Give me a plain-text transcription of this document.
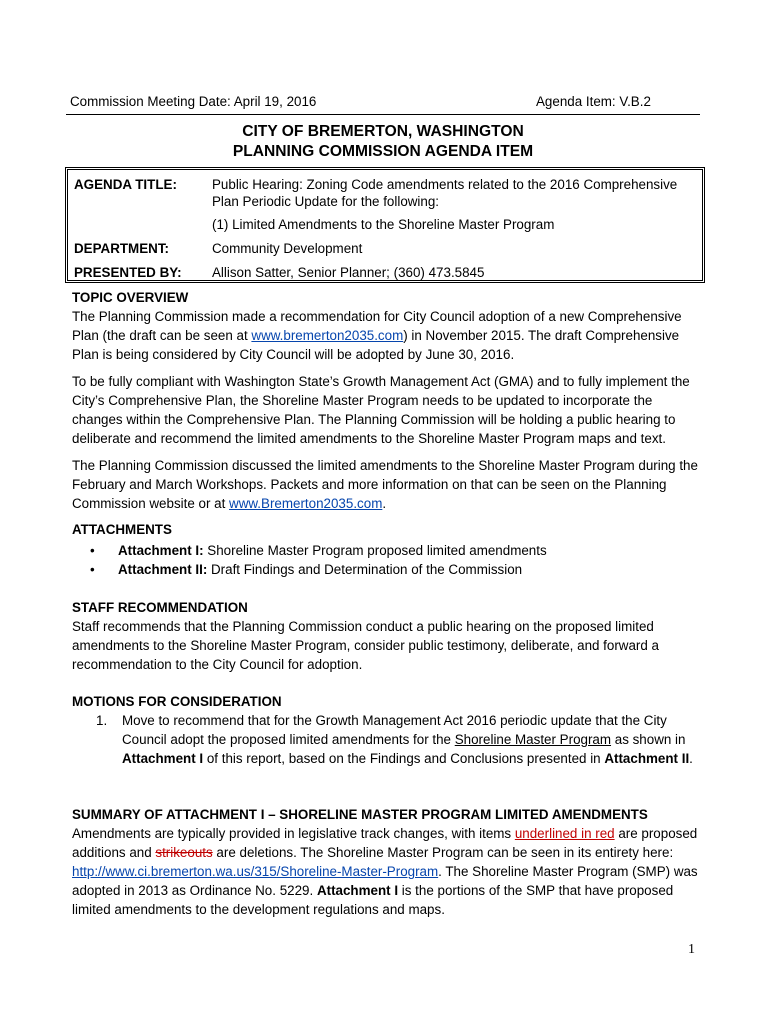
Commission Meeting Date: April 19, 2016	Agenda Item: V.B.2
CITY OF BREMERTON, WASHINGTON
PLANNING COMMISSION AGENDA ITEM
AGENDA TITLE:	Public Hearing: Zoning Code amendments related to the 2016 Comprehensive Plan Periodic Update for the following:
(1) Limited Amendments to the Shoreline Master Program
DEPARTMENT:	Community Development
PRESENTED BY: Allison Satter, Senior Planner; (360) 473.5845
TOPIC OVERVIEW

The Planning Commission made a recommendation for City Council adoption of a new Comprehensive Plan (the draft can be seen at www.bremerton2035.com) in November 2015. The draft Comprehensive Plan is being considered by City Council will be adopted by June 30, 2016.

To be fully compliant with Washington State’s Growth Management Act (GMA) and to fully implement the City’s Comprehensive Plan, the Shoreline Master Program needs to be updated to incorporate the changes within the Comprehensive Plan. The Planning Commission will be holding a public hearing to deliberate and recommend the limited amendments to the Shoreline Master Program maps and text.

The Planning Commission discussed the limited amendments to the Shoreline Master Program during the February and March Workshops. Packets and more information on that can be seen on the Planning Commission website or at www.Bremerton2035.com.

ATTACHMENTS
• Attachment I: Shoreline Master Program proposed limited amendments
• Attachment II: Draft Findings and Determination of the Commission
STAFF RECOMMENDATION

Staff recommends that the Planning Commission conduct a public hearing on the proposed limited amendments to the Shoreline Master Program, consider public testimony, deliberate, and forward a recommendation to the City Council for adoption.

MOTIONS FOR CONSIDERATION
1. Move to recommend that for the Growth Management Act 2016 periodic update that the City Council adopt the proposed limited amendments for the Shoreline Master Program as shown in Attachment I of this report, based on the Findings and Conclusions presented in Attachment II.
SUMMARY OF ATTACHMENT I – SHORELINE MASTER PROGRAM LIMITED AMENDMENTS

Amendments are typically provided in legislative track changes, with items underlined in red are proposed additions and strikeouts are deletions. The Shoreline Master Program can be seen in its entirety here: http://www.ci.bremerton.wa.us/315/Shoreline-Master-Program. The Shoreline Master Program (SMP) was adopted in 2013 as Ordinance No. 5229. Attachment I is the portions of the SMP that have proposed limited amendments to the development regulations and maps.

1
